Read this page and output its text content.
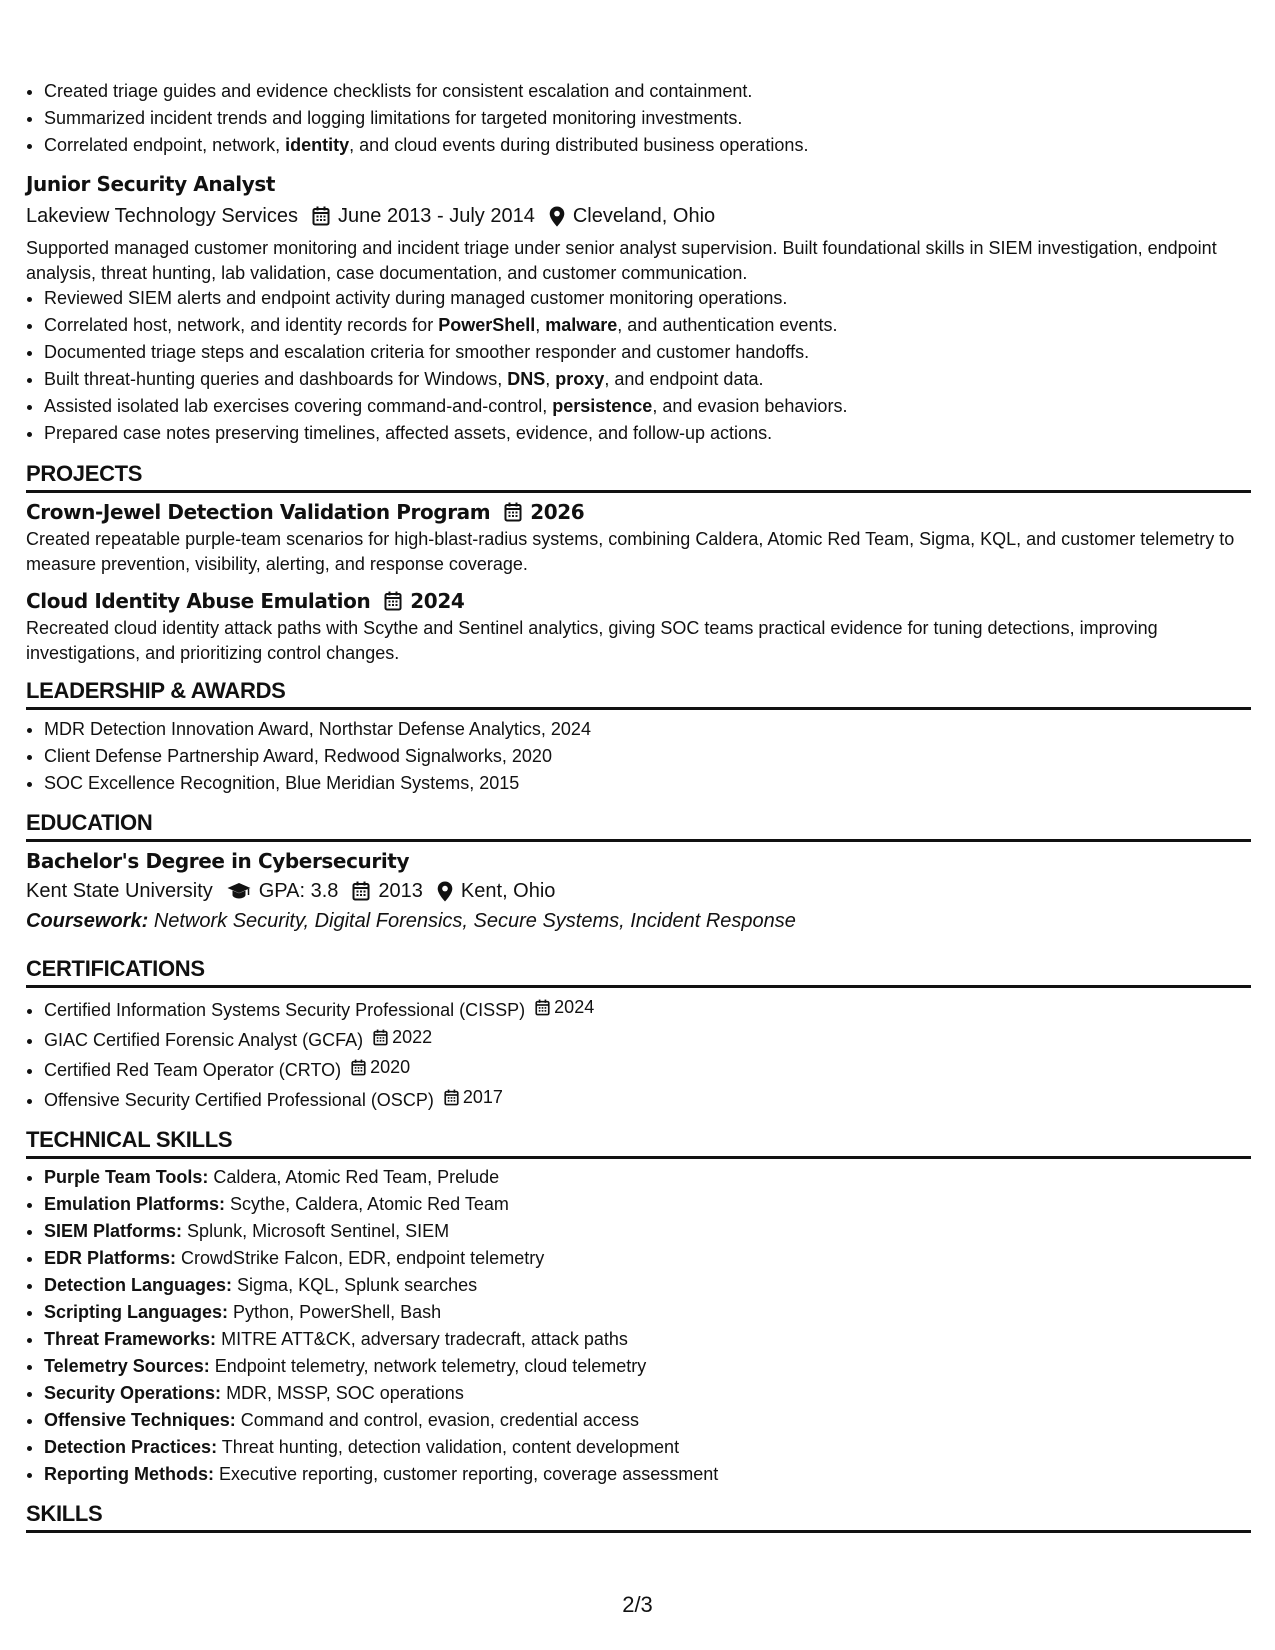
• Created triage guides and evidence checklists for consistent escalation and containment.
• Summarized incident trends and logging limitations for targeted monitoring investments.
• Correlated endpoint, network, identity, and cloud events during distributed business operations.
Junior Security Analyst
Lakeview Technology Services June 2013 - July 2014 Cleveland, Ohio
Supported managed customer monitoring and incident triage under senior analyst supervision. Built foundational skills in SIEM investigation, endpoint analysis, threat hunting, lab validation, case documentation, and customer communication.
• Reviewed SIEM alerts and endpoint activity during managed customer monitoring operations.
• Correlated host, network, and identity records for PowerShell, malware, and authentication events.
• Documented triage steps and escalation criteria for smoother responder and customer handoffs.
• Built threat-hunting queries and dashboards for Windows, DNS, proxy, and endpoint data.
• Assisted isolated lab exercises covering command-and-control, persistence, and evasion behaviors.
• Prepared case notes preserving timelines, affected assets, evidence, and follow-up actions.
PROJECTS
Crown-Jewel Detection Validation Program 2026
Created repeatable purple-team scenarios for high-blast-radius systems, combining Caldera, Atomic Red Team, Sigma, KQL, and customer telemetry to measure prevention, visibility, alerting, and response coverage.
Cloud Identity Abuse Emulation 2024
Recreated cloud identity attack paths with Scythe and Sentinel analytics, giving SOC teams practical evidence for tuning detections, improving investigations, and prioritizing control changes.
LEADERSHIP & AWARDS
• MDR Detection Innovation Award, Northstar Defense Analytics, 2024
• Client Defense Partnership Award, Redwood Signalworks, 2020
• SOC Excellence Recognition, Blue Meridian Systems, 2015
EDUCATION
Bachelor's Degree in Cybersecurity
Kent State University GPA: 3.8 2013 Kent, Ohio
Coursework: Network Security, Digital Forensics, Secure Systems, Incident Response
CERTIFICATIONS
• Certified Information Systems Security Professional (CISSP) 2024
• GIAC Certified Forensic Analyst (GCFA) 2022
• Certified Red Team Operator (CRTO) 2020
• Offensive Security Certified Professional (OSCP) 2017
TECHNICAL SKILLS
• Purple Team Tools: Caldera, Atomic Red Team, Prelude
• Emulation Platforms: Scythe, Caldera, Atomic Red Team
• SIEM Platforms: Splunk, Microsoft Sentinel, SIEM
• EDR Platforms: CrowdStrike Falcon, EDR, endpoint telemetry
• Detection Languages: Sigma, KQL, Splunk searches
• Scripting Languages: Python, PowerShell, Bash
• Threat Frameworks: MITRE ATT&CK, adversary tradecraft, attack paths
• Telemetry Sources: Endpoint telemetry, network telemetry, cloud telemetry
• Security Operations: MDR, MSSP, SOC operations
• Offensive Techniques: Command and control, evasion, credential access
• Detection Practices: Threat hunting, detection validation, content development
• Reporting Methods: Executive reporting, customer reporting, coverage assessment
SKILLS
2/3
